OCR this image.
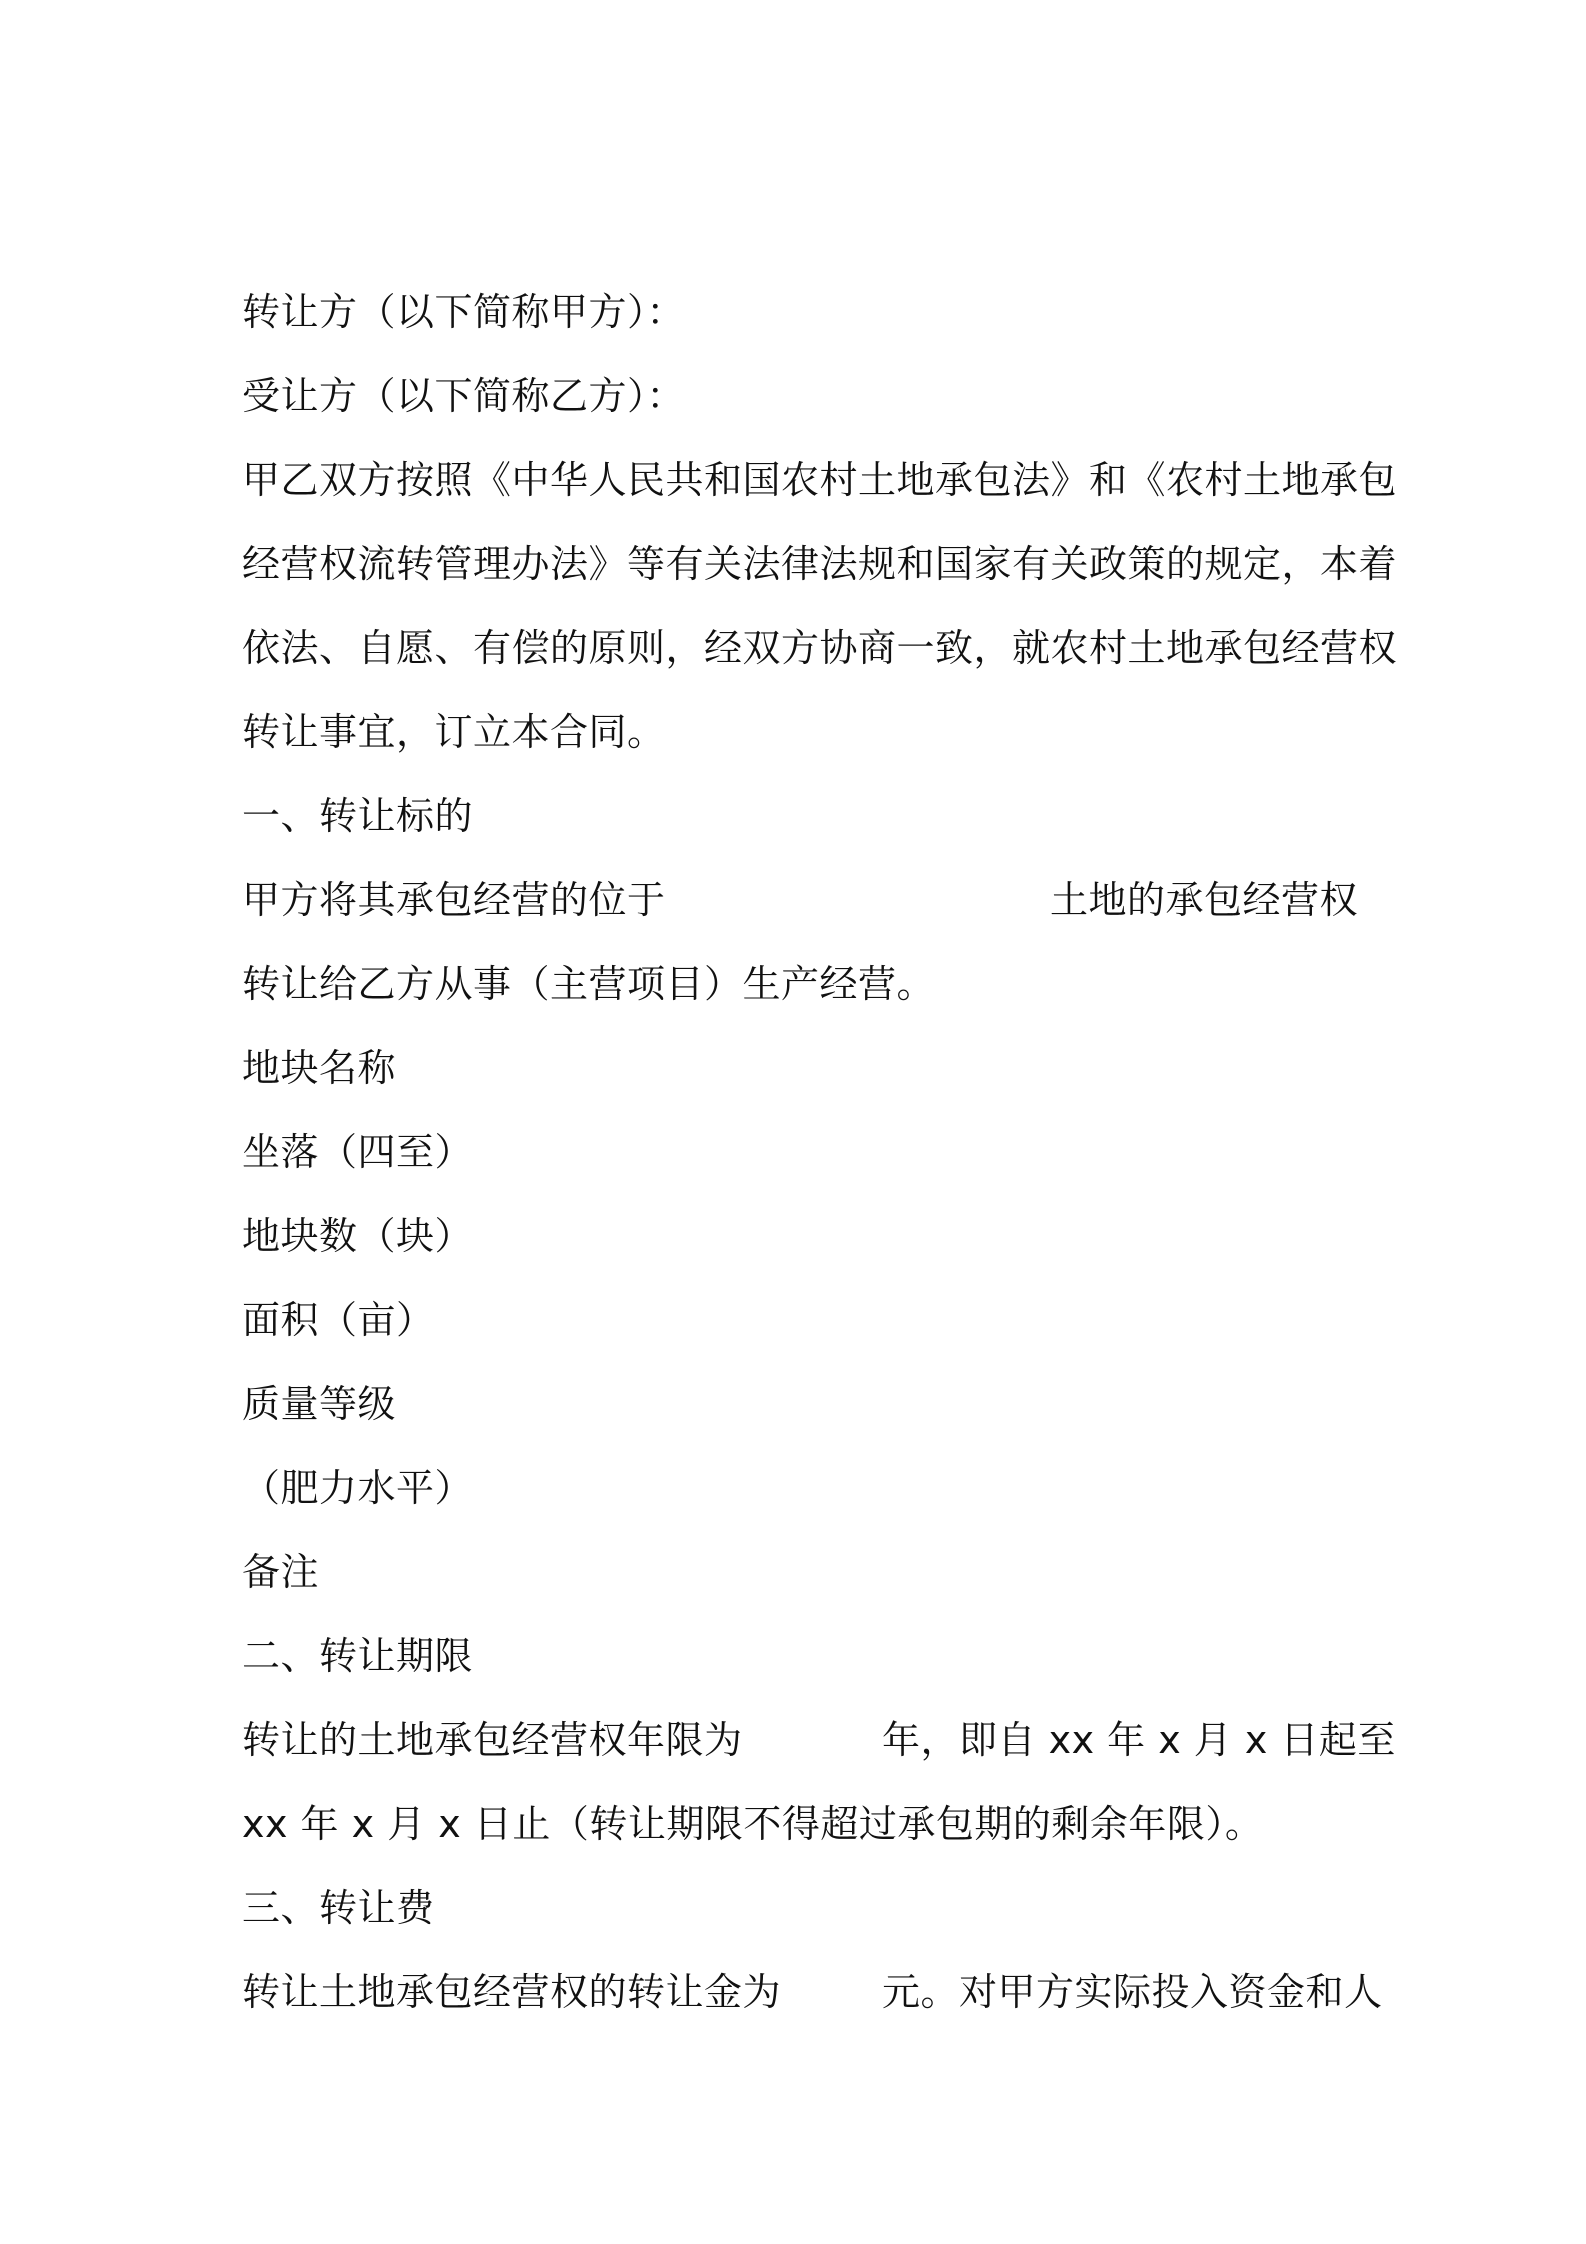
转让方（以下简称甲方）：
受让方（以下简称乙方）：
甲乙双方按照《中华人民共和国农村土地承包法》和《农村土地承包
经营权流转管理办法》等有关法律法规和国家有关政策的规定，本着
依法、自愿、有偿的原则，经双方协商一致，就农村土地承包经营权
转让事宜，订立本合同。
一、转让标的
甲方将其承包经营的位于	土地的承包经营权
转让给乙方从事（主营项目）生产经营。
地块名称
坐落（四至）
地块数（块）
面积（亩）
质量等级
（肥力水平）
备注
二、转让期限
转让的土地承包经营权年限为	年，即自 xx 年 x 月 x 日起至
xx 年 x 月 x 日止（转让期限不得超过承包期的剩余年限）。
三、转让费
转让土地承包经营权的转让金为	元。对甲方实际投入资金和人
